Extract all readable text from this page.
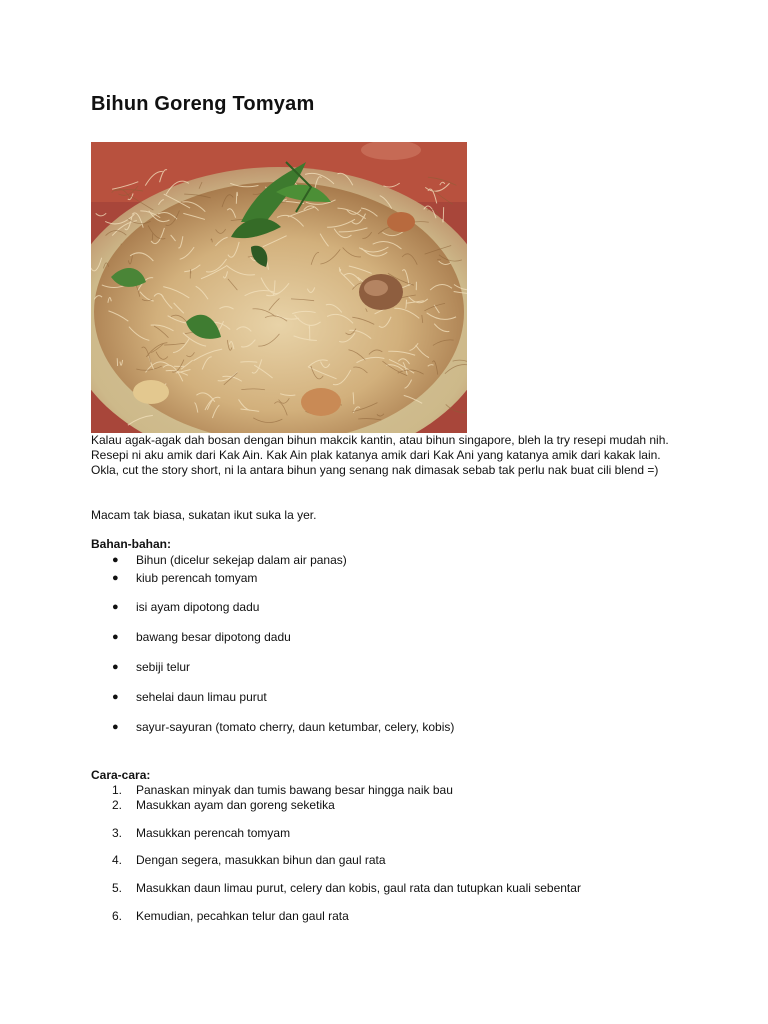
Bihun Goreng Tomyam

Kalau agak-agak dah bosan dengan bihun makcik kantin, atau bihun singapore, bleh la try resepi mudah nih. Resepi ni aku amik dari Kak Ain. Kak Ain plak katanya amik dari Kak Ani yang katanya amik dari kakak lain. Okla, cut the story short, ni la antara bihun yang senang nak dimasak sebab tak perlu nak buat cili blend =)

Macam tak biasa, sukatan ikut suka la yer.

Bahan-bahan:
● Bihun (dicelur sekejap dalam air panas)
● kiub perencah tomyam
● isi ayam dipotong dadu
● bawang besar dipotong dadu
● sebiji telur
● sehelai daun limau purut
● sayur-sayuran (tomato cherry, daun ketumbar, celery, kobis)
Cara-cara:
1.	Panaskan minyak dan tumis bawang besar hingga naik bau
2.	Masukkan ayam dan goreng seketika
3.	Masukkan perencah tomyam
4.	Dengan segera, masukkan bihun dan gaul rata
5.	Masukkan daun limau purut, celery dan kobis, gaul rata dan tutupkan kuali sebentar
6.	Kemudian, pecahkan telur dan gaul rata
